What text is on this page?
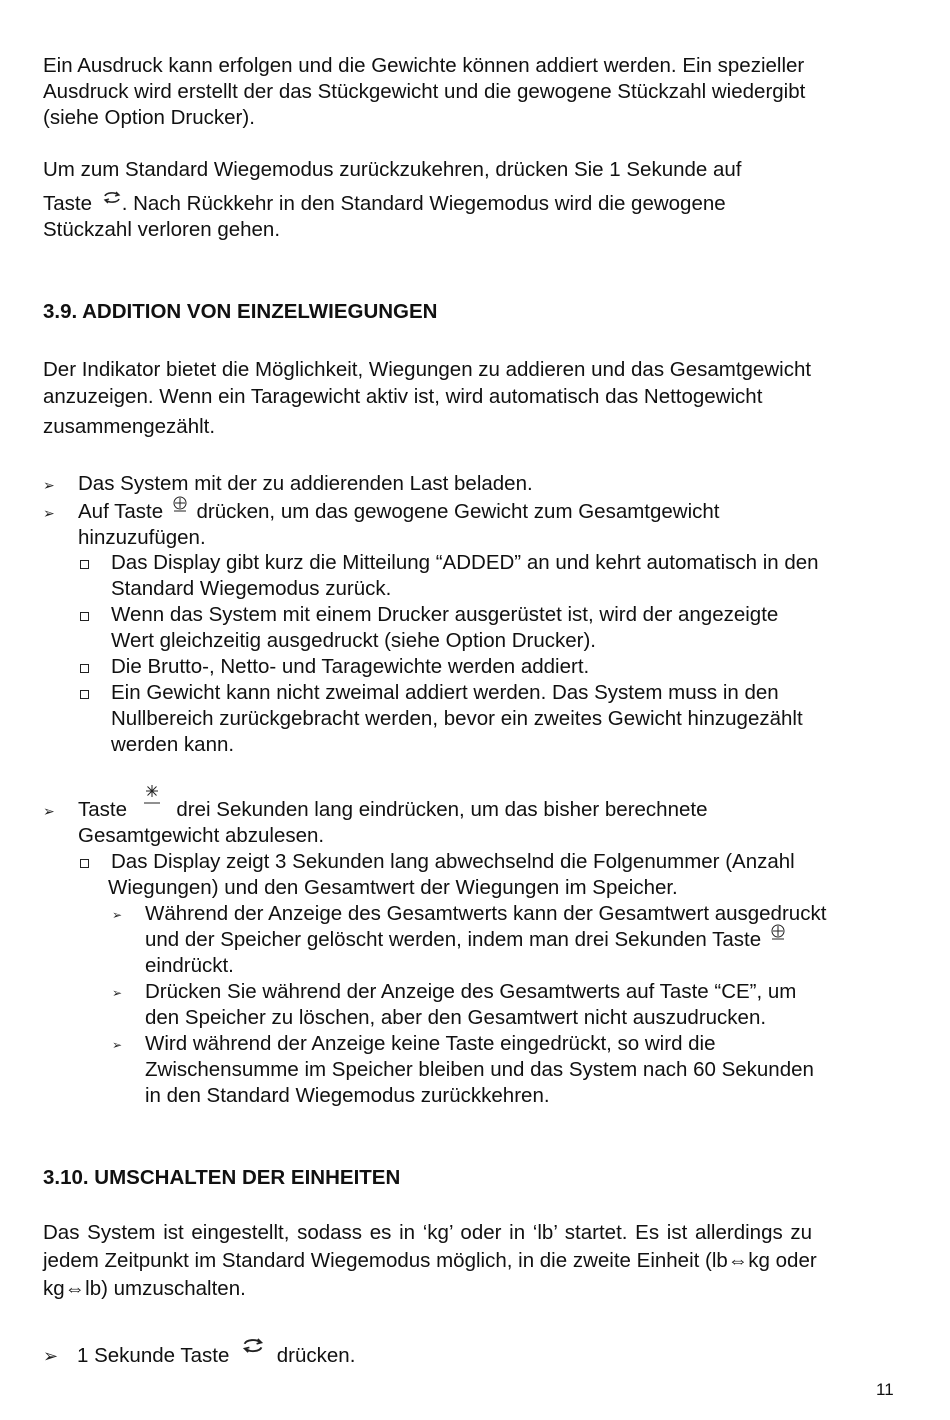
Ein Ausdruck kann erfolgen und die Gewichte können addiert werden. Ein spezieller
Ausdruck wird erstellt der das Stückgewicht und die gewogene Stückzahl wiedergibt
(siehe Option Drucker).
Um zum Standard Wiegemodus zurückzukehren, drücken Sie 1 Sekunde auf
Taste . Nach Rückkehr in den Standard Wiegemodus wird die gewogene
Stückzahl verloren gehen.
3.9. ADDITION VON EINZELWIEGUNGEN
Der Indikator bietet die Möglichkeit, Wiegungen zu addieren und das Gesamtgewicht
anzuzeigen. Wenn ein Taragewicht aktiv ist, wird automatisch das Nettogewicht
zusammengezählt.
➢ Das System mit der zu addierenden Last beladen.
➢ Auf Taste drücken, um das gewogene Gewicht zum Gesamtgewicht
hinzuzufügen.
Das Display gibt kurz die Mitteilung “ADDED” an und kehrt automatisch in den
Standard Wiegemodus zurück.
Wenn das System mit einem Drucker ausgerüstet ist, wird der angezeigte
Wert gleichzeitig ausgedruckt (siehe Option Drucker).
Die Brutto-, Netto- und Taragewichte werden addiert.
Ein Gewicht kann nicht zweimal addiert werden. Das System muss in den
Nullbereich zurückgebracht werden, bevor ein zweites Gewicht hinzugezählt
werden kann.
➢ Taste drei Sekunden lang eindrücken, um das bisher berechnete
Gesamtgewicht abzulesen.
Das Display zeigt 3 Sekunden lang abwechselnd die Folgenummer (Anzahl
Wiegungen) und den Gesamtwert der Wiegungen im Speicher.
➢ Während der Anzeige des Gesamtwerts kann der Gesamtwert ausgedruckt
und der Speicher gelöscht werden, indem man drei Sekunden Taste
eindrückt.
➢ Drücken Sie während der Anzeige des Gesamtwerts auf Taste “CE”, um
den Speicher zu löschen, aber den Gesamtwert nicht auszudrucken.
➢ Wird während der Anzeige keine Taste eingedrückt, so wird die
Zwischensumme im Speicher bleiben und das System nach 60 Sekunden
in den Standard Wiegemodus zurückkehren.
3.10. UMSCHALTEN DER EINHEITEN
Das System ist eingestellt, sodass es in ‘kg’ oder in ‘lb’ startet. Es ist allerdings zu
jedem Zeitpunkt im Standard Wiegemodus möglich, in die zweite Einheit (lb⇔kg oder
kg⇔lb) umzuschalten.
➢ 1 Sekunde Taste drücken.
11
